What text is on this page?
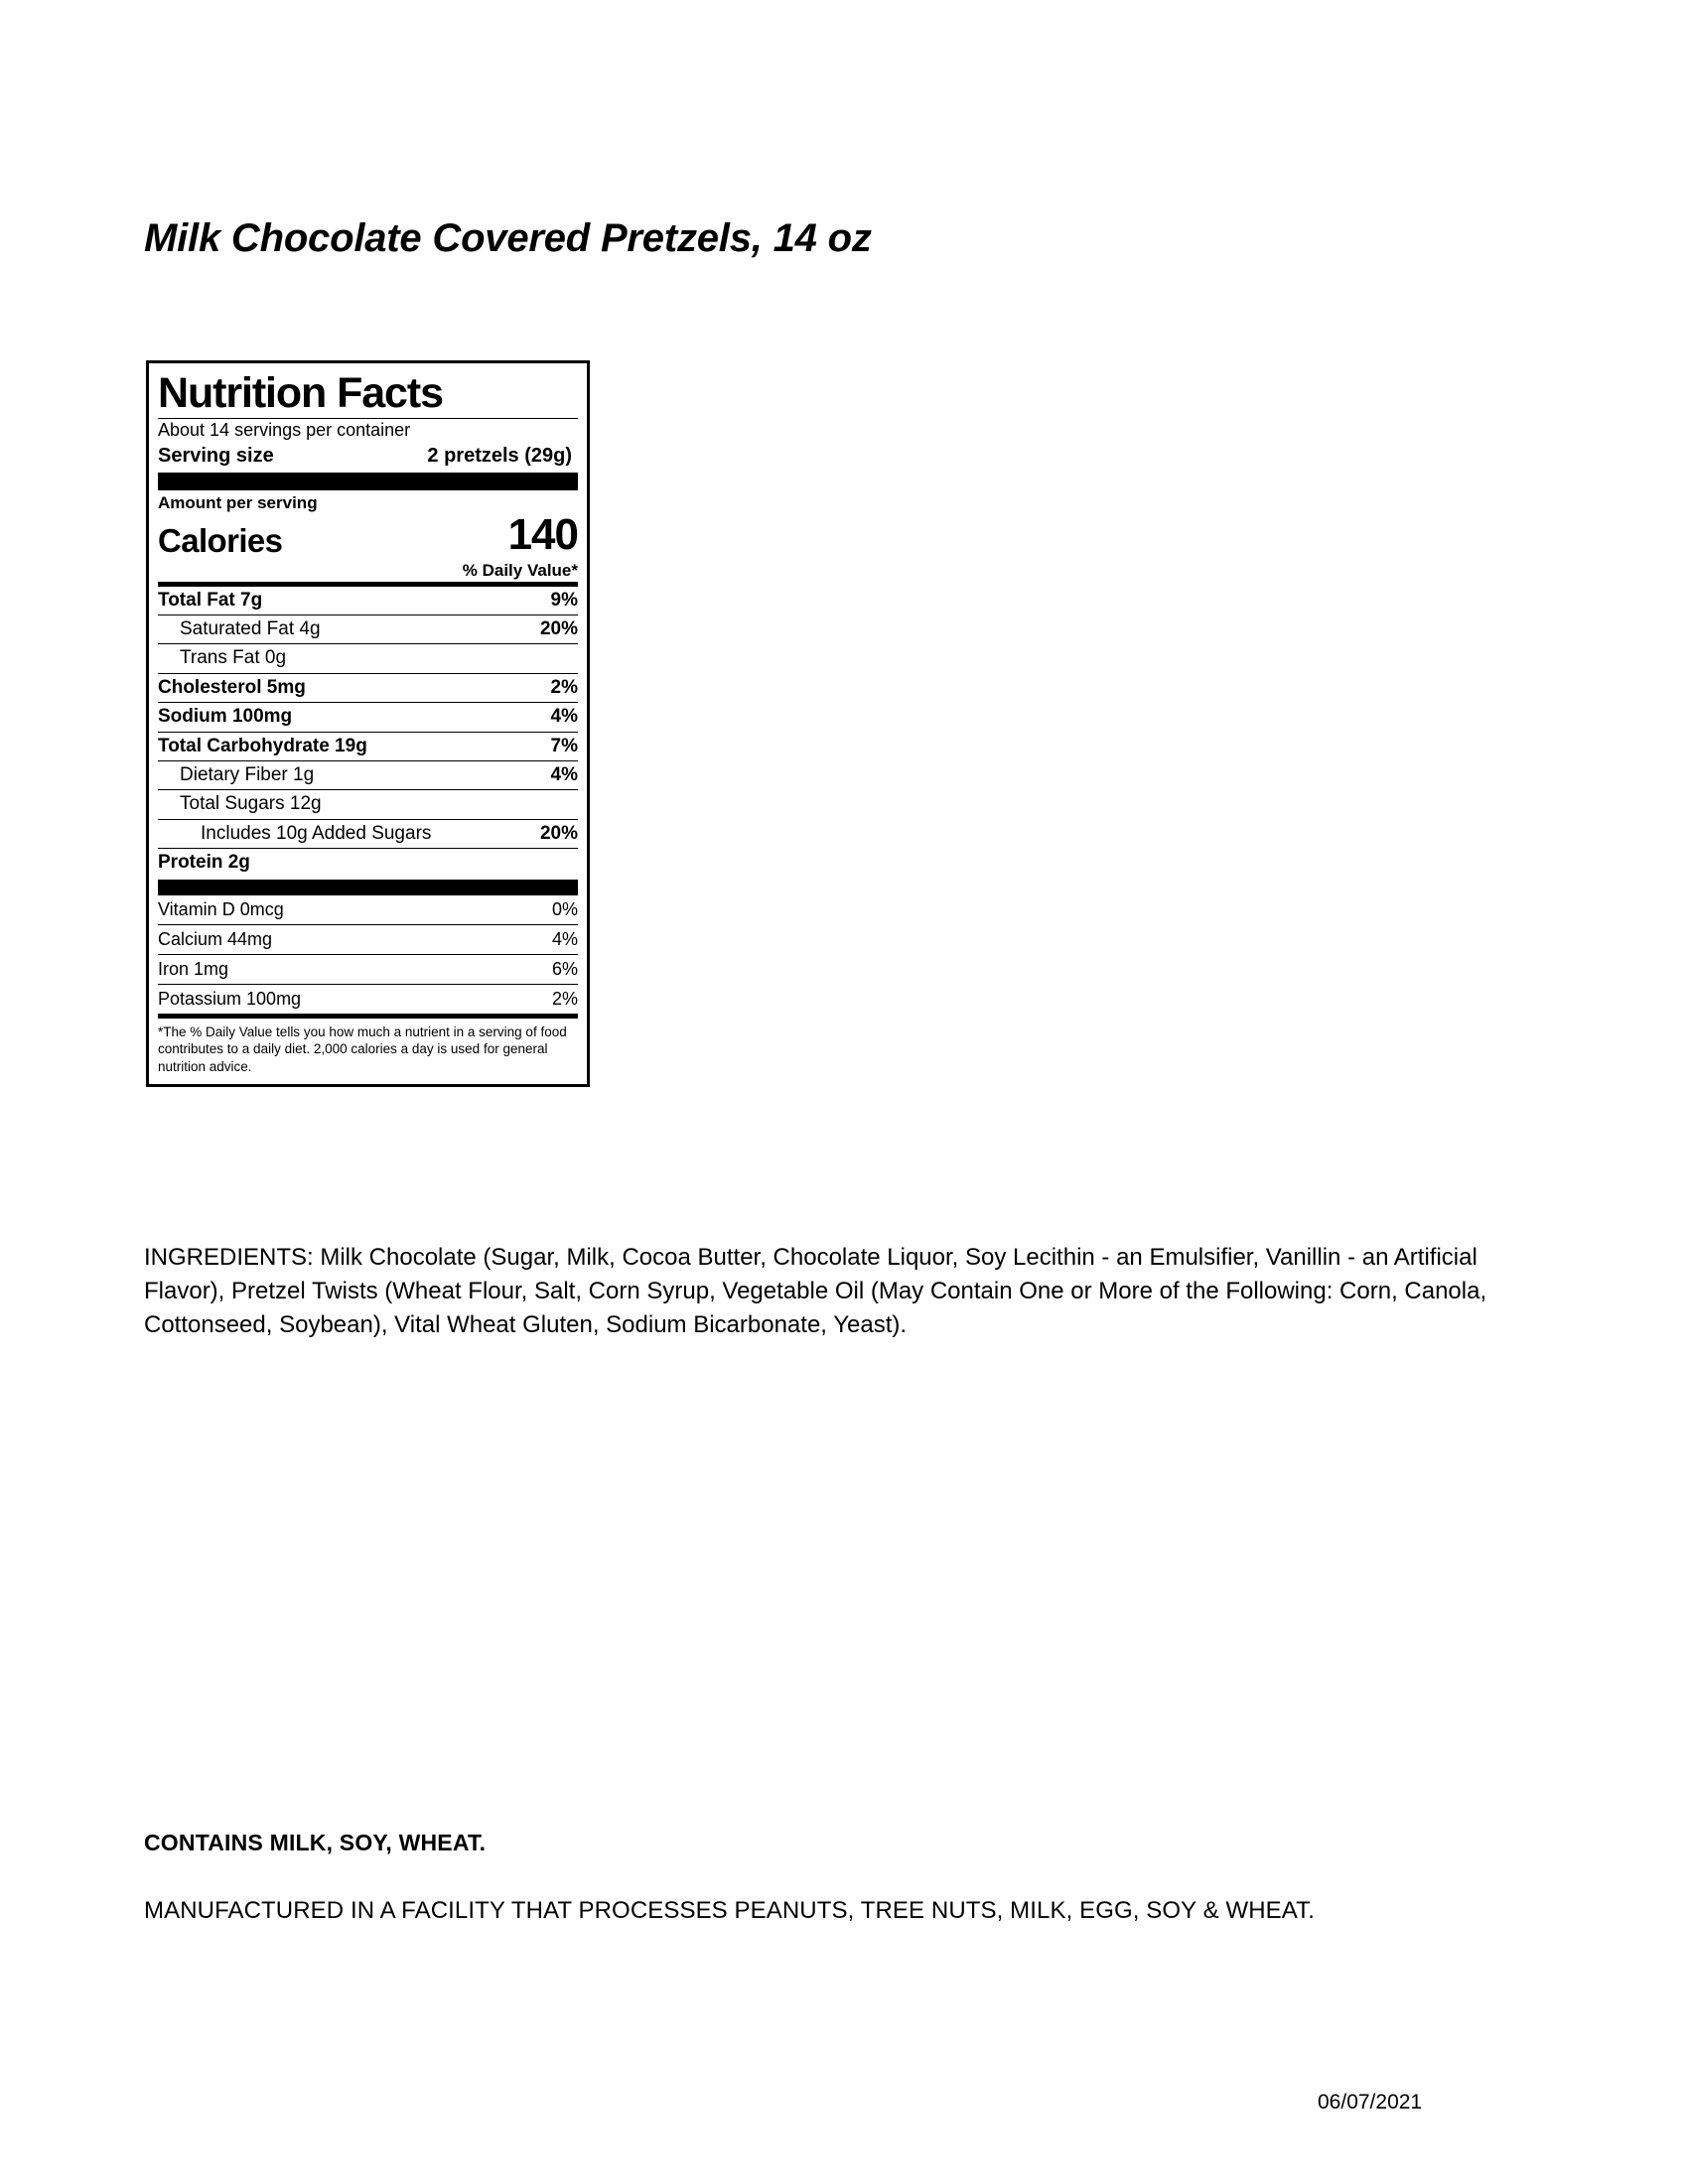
Milk Chocolate Covered Pretzels, 14 oz
Nutrition Facts
About 14 servings per container
Serving size	2 pretzels (29g)
Amount per serving
Calories	140
% Daily Value*
Total Fat 7g	9%
Saturated Fat 4g	20%
Trans Fat 0g
Cholesterol 5mg	2%
Sodium 100mg	4%
Total Carbohydrate 19g	7%
Dietary Fiber 1g	4%
Total Sugars 12g
Includes 10g Added Sugars	20%
Protein 2g
Vitamin D 0mcg	0%
Calcium 44mg	4%
Iron 1mg	6%
Potassium 100mg	2%
*The % Daily Value tells you how much a nutrient in a serving of food contributes to a daily diet. 2,000 calories a day is used for general nutrition advice.
INGREDIENTS: Milk Chocolate (Sugar, Milk, Cocoa Butter, Chocolate Liquor, Soy Lecithin - an Emulsifier, Vanillin - an Artificial Flavor), Pretzel Twists (Wheat Flour, Salt, Corn Syrup, Vegetable Oil (May Contain One or More of the Following: Corn, Canola, Cottonseed, Soybean), Vital Wheat Gluten, Sodium Bicarbonate, Yeast).
CONTAINS MILK, SOY, WHEAT.
MANUFACTURED IN A FACILITY THAT PROCESSES PEANUTS, TREE NUTS, MILK, EGG, SOY & WHEAT.
06/07/2021
